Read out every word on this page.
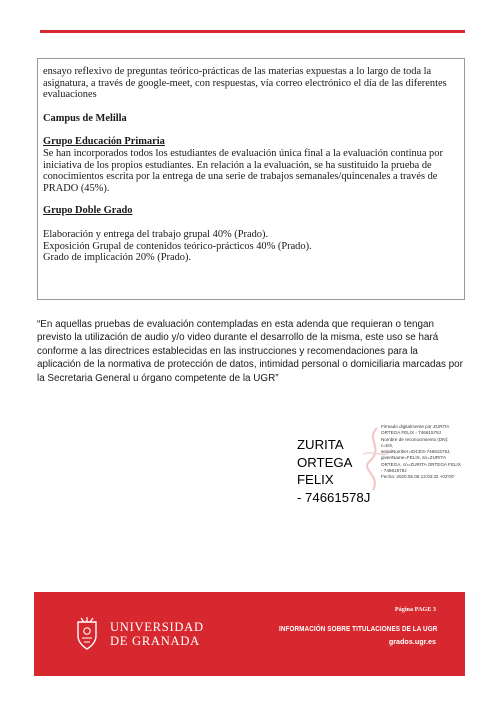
ensayo reflexivo de preguntas teórico-prácticas de las materias expuestas a lo largo de toda la

asignatura, a través de google-meet, con respuestas, vía correo electrónico el día de las diferentes

evaluaciones

Campus de Melilla

Grupo Educación Primaria

Se han incorporados todos los estudiantes de evaluación única final a la evaluación continua por

iniciativa de los propios estudiantes. En relación a la evaluación, se ha sustituido la prueba de

conocimientos escrita por la entrega de una serie de trabajos semanales/quincenales a través de

PRADO (45%).

Grupo Doble Grado

Elaboración y entrega del trabajo grupal 40% (Prado).

Exposición Grupal de contenidos teórico-prácticos 40% (Prado).

Grado de implicación 20% (Prado).

“En aquellas pruebas de evaluación contempladas en esta adenda que requieran o tengan
previsto la utilización de audio y/o video durante el desarrollo de la misma, este uso se hará
conforme a las directrices establecidas en las instrucciones y recomendaciones para la
aplicación de la normativa de protección de datos, intimidad personal o domiciliaria marcadas por
la Secretaria General u órgano competente de la UGR”
ZURITA
ORTEGA FELIX
- 74661578J
Firmado digitalmente por ZURITA
ORTEGA FELIX - 74661578J
Nombre de reconocimiento (DN):
c=ES,
serialNumber=IDCES-74661578J,
givenName=FELIX, sn=ZURITA
ORTEGA, cn=ZURITA ORTEGA FELIX
- 74661578J
Fecha: 2020.05.05 13:03:32 +02'00'
UNIVERSIDAD
DE GRANADA
Página PAGE 3
INFORMACIÓN SOBRE TITULACIONES DE LA UGR
grados.ugr.es
